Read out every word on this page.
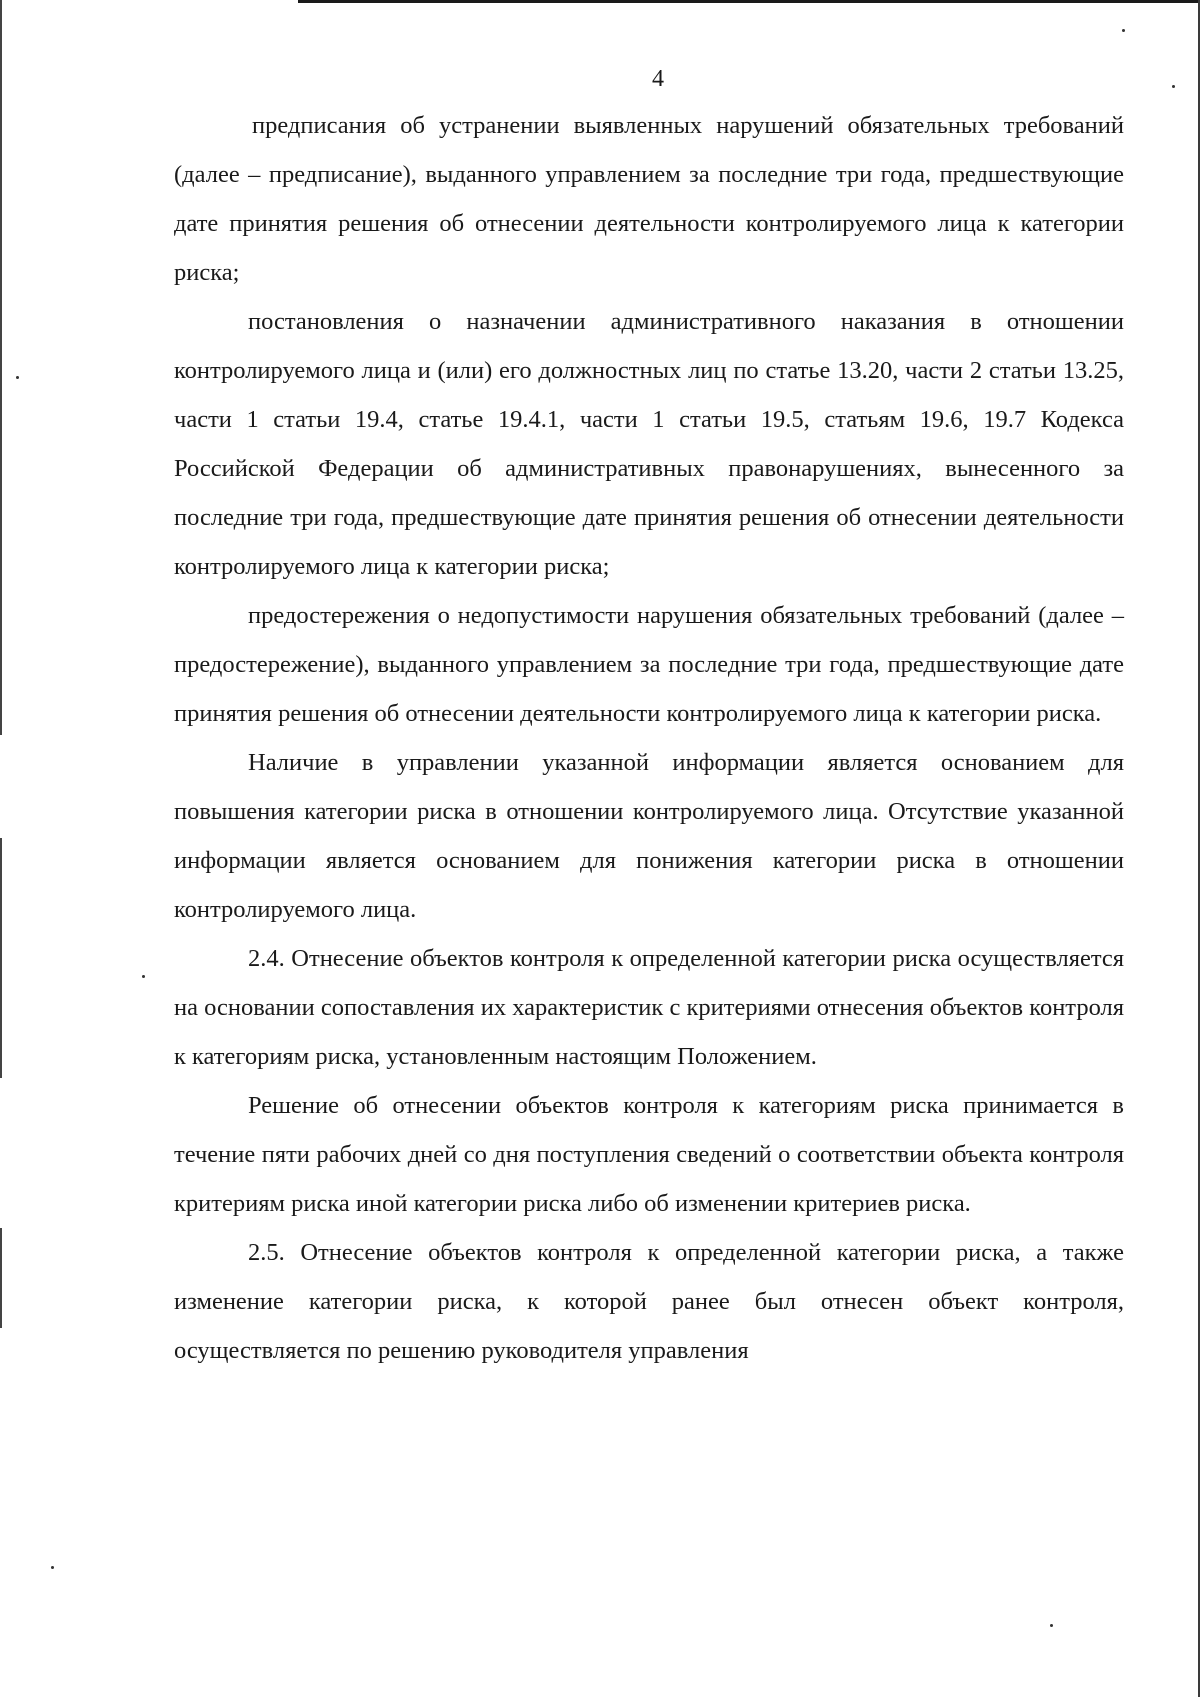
4

предписания об устранении выявленных нарушений обязательных требований (далее – предписание), выданного управлением за последние три года, предшествующие дате принятия решения об отнесении деятельности контролируемого лица к категории риска;

постановления о назначении административного наказания в отношении контролируемого лица и (или) его должностных лиц по статье 13.20, части 2 статьи 13.25, части 1 статьи 19.4, статье 19.4.1, части 1 статьи 19.5, статьям 19.6, 19.7 Кодекса Российской Федерации об административных правонарушениях, вынесенного за последние три года, предшествующие дате принятия решения об отнесении деятельности контролируемого лица к категории риска;

предостережения о недопустимости нарушения обязательных требований (далее – предостережение), выданного управлением за последние три года, предшествующие дате принятия решения об отнесении деятельности контролируемого лица к категории риска.

Наличие в управлении указанной информации является основанием для повышения категории риска в отношении контролируемого лица. Отсутствие указанной информации является основанием для понижения категории риска в отношении контролируемого лица.

2.4. Отнесение объектов контроля к определенной категории риска осуществляется на основании сопоставления их характеристик с критериями отнесения объектов контроля к категориям риска, установленным настоящим Положением.

Решение об отнесении объектов контроля к категориям риска принимается в течение пяти рабочих дней со дня поступления сведений о соответствии объекта контроля критериям риска иной категории риска либо об изменении критериев риска.

2.5. Отнесение объектов контроля к определенной категории риска, а также изменение категории риска, к которой ранее был отнесен объект контроля, осуществляется по решению руководителя управления
